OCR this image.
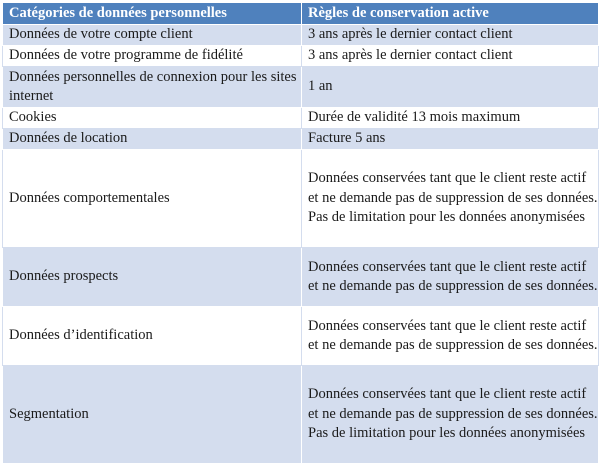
Catégories de données personnelles	Règles de conservation active
Données de votre compte client	3 ans après le dernier contact client

Données de votre programme de fidélité	3 ans après le dernier contact client

Données personnelles de connexion pour les sites internet	1 an

Cookies	Durée de validité 13 mois maximum

Données de location	Facture 5 ans

Données comportementales	Données conservées tant que le client reste actif et ne demande pas de suppression de ses données.
Pas de limitation pour les données anonymisées

Données prospects	Données conservées tant que le client reste actif et ne demande pas de suppression de ses données.

Données d’identification	Données conservées tant que le client reste actif et ne demande pas de suppression de ses données.

Segmentation	Données conservées tant que le client reste actif et ne demande pas de suppression de ses données.
Pas de limitation pour les données anonymisées
